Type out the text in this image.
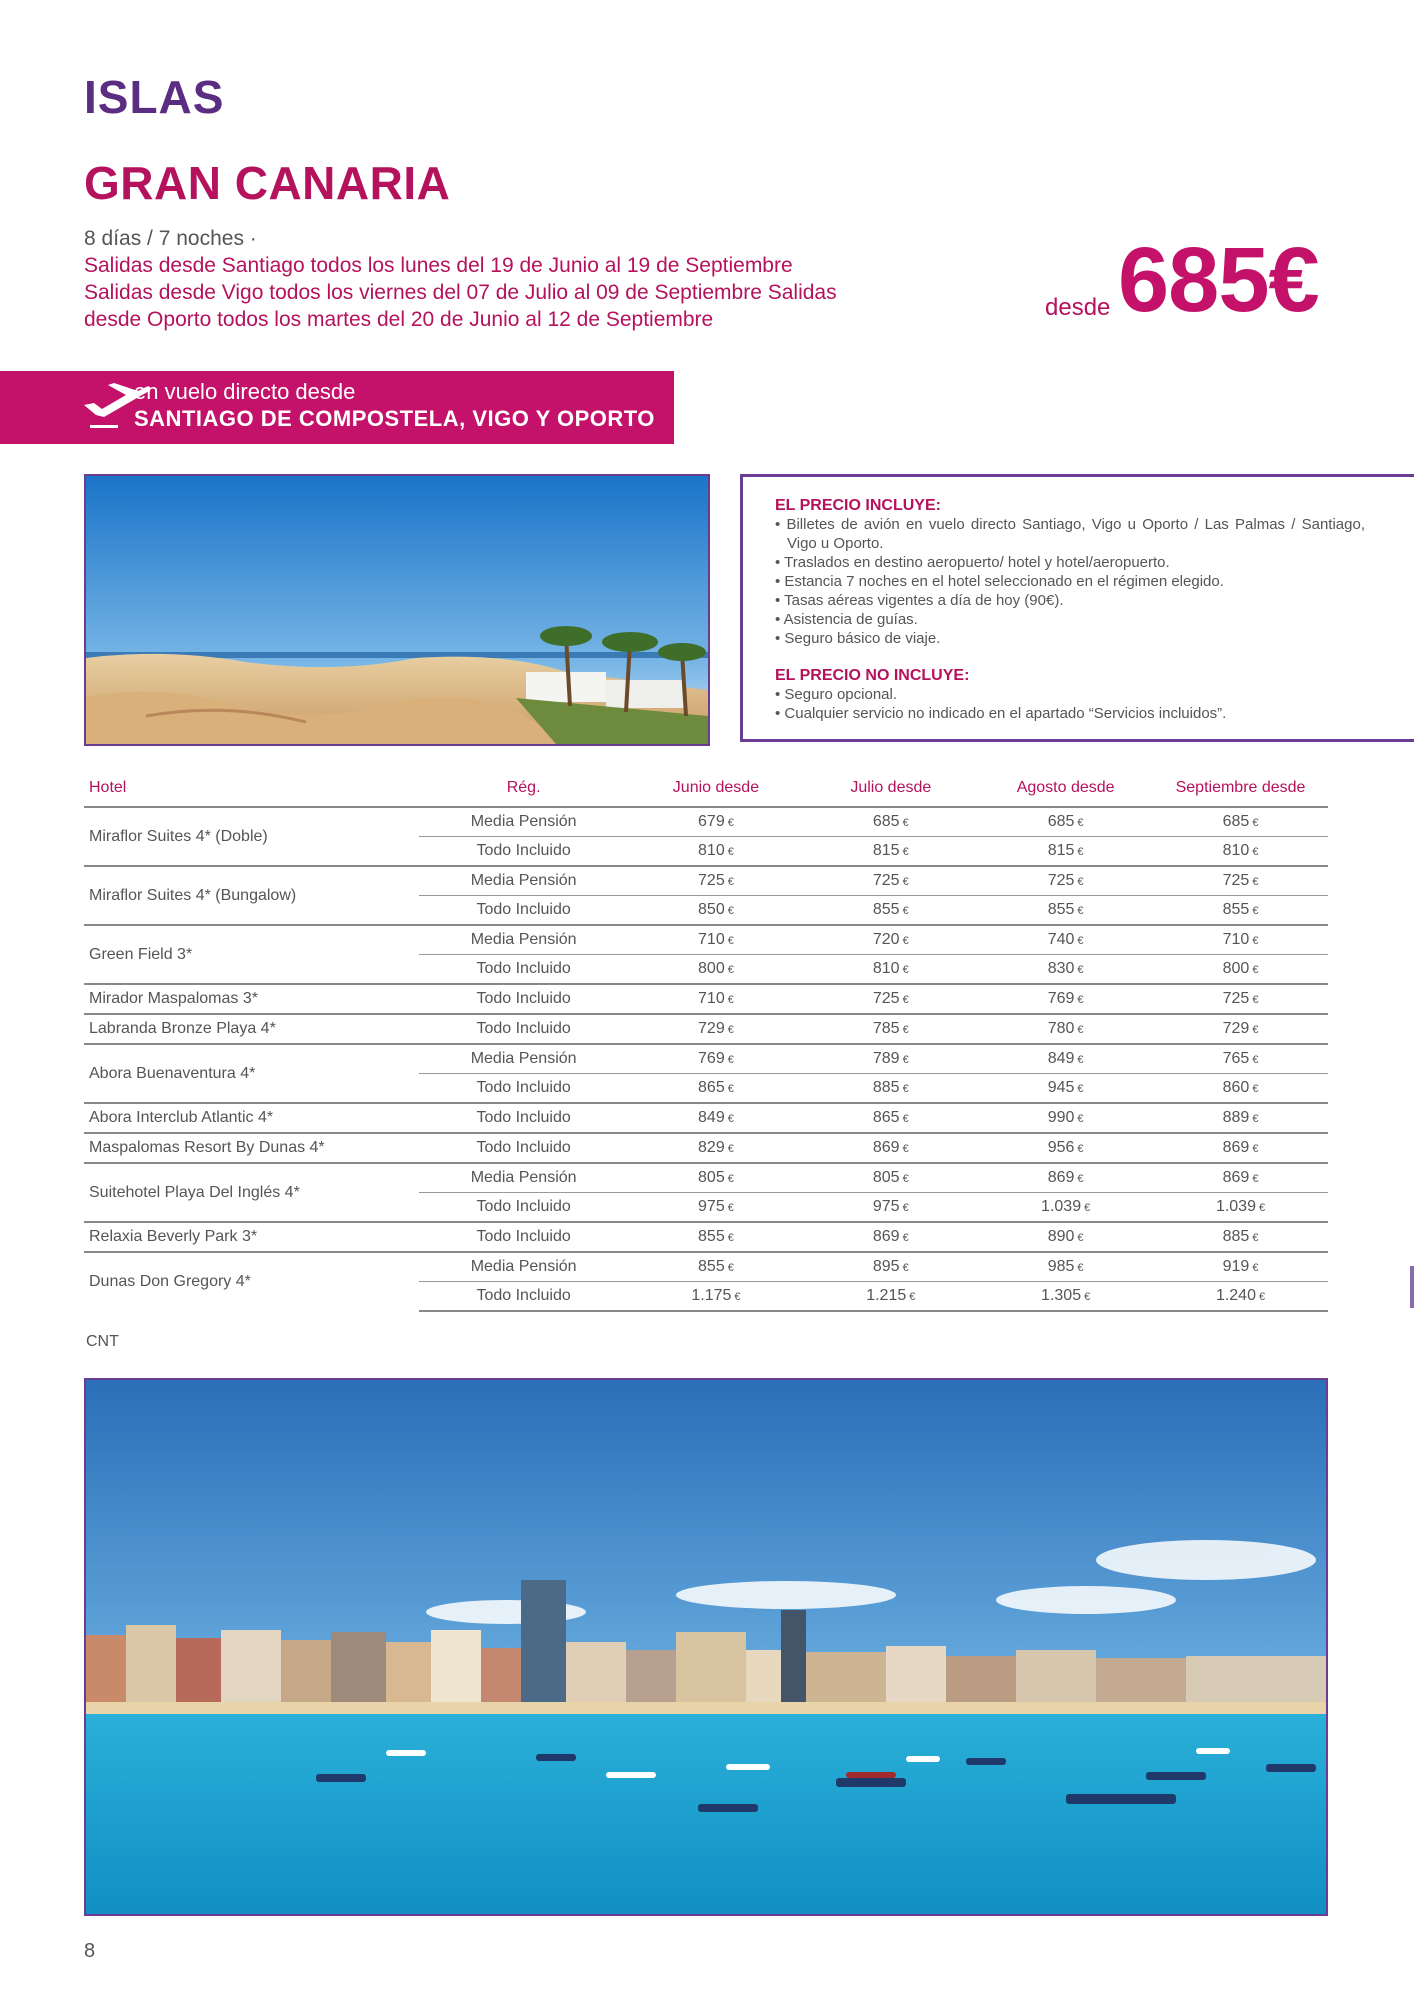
ISLAS
GRAN CANARIA
8 días / 7 noches ·
Salidas desde Santiago todos los lunes del 19 de Junio al 19 de Septiembre
Salidas desde Vigo todos los viernes del 07 de Julio al 09 de Septiembre Salidas
desde Oporto todos los martes del 20 de Junio al 12 de Septiembre	desde 685€
en vuelo directo desde
SANTIAGO DE COMPOSTELA, VIGO Y OPORTO
EL PRECIO INCLUYE:
• Billetes de avión en vuelo directo Santiago, Vigo u Oporto / Las Palmas / Santiago, Vigo u Oporto.
• Traslados en destino aeropuerto/ hotel y hotel/aeropuerto.
• Estancia 7 noches en el hotel seleccionado en el régimen elegido.
• Tasas aéreas vigentes a día de hoy (90€).
• Asistencia de guías.
• Seguro básico de viaje.
EL PRECIO NO INCLUYE:
• Seguro opcional.
• Cualquier servicio no indicado en el apartado “Servicios incluidos”.
Hotel	Rég.	Junio desde	Julio desde	Agosto desde	Septiembre desde
Miraflor Suites 4* (Doble)	Media Pensión	679 €	685 €	685 €	685 €
	Todo Incluido	810 €	815 €	815 €	810 €
Miraflor Suites 4* (Bungalow)	Media Pensión	725 €	725 €	725 €	725 €
	Todo Incluido	850 €	855 €	855 €	855 €
Green Field 3*	Media Pensión	710 €	720 €	740 €	710 €
	Todo Incluido	800 €	810 €	830 €	800 €
Mirador Maspalomas 3*	Todo Incluido	710 €	725 €	769 €	725 €
Labranda Bronze Playa 4*	Todo Incluido	729 €	785 €	780 €	729 €
Abora Buenaventura 4*	Media Pensión	769 €	789 €	849 €	765 €
	Todo Incluido	865 €	885 €	945 €	860 €
Abora Interclub Atlantic 4*	Todo Incluido	849 €	865 €	990 €	889 €
Maspalomas Resort By Dunas 4*	Todo Incluido	829 €	869 €	956 €	869 €
Suitehotel Playa Del Inglés 4*	Media Pensión	805 €	805 €	869 €	869 €
	Todo Incluido	975 €	975 €	1.039 €	1.039 €
Relaxia Beverly Park 3*	Todo Incluido	855 €	869 €	890 €	885 €
Dunas Don Gregory 4*	Media Pensión	855 €	895 €	985 €	919 €
	Todo Incluido	1.175 €	1.215 €	1.305 €	1.240 €
CNT
8
